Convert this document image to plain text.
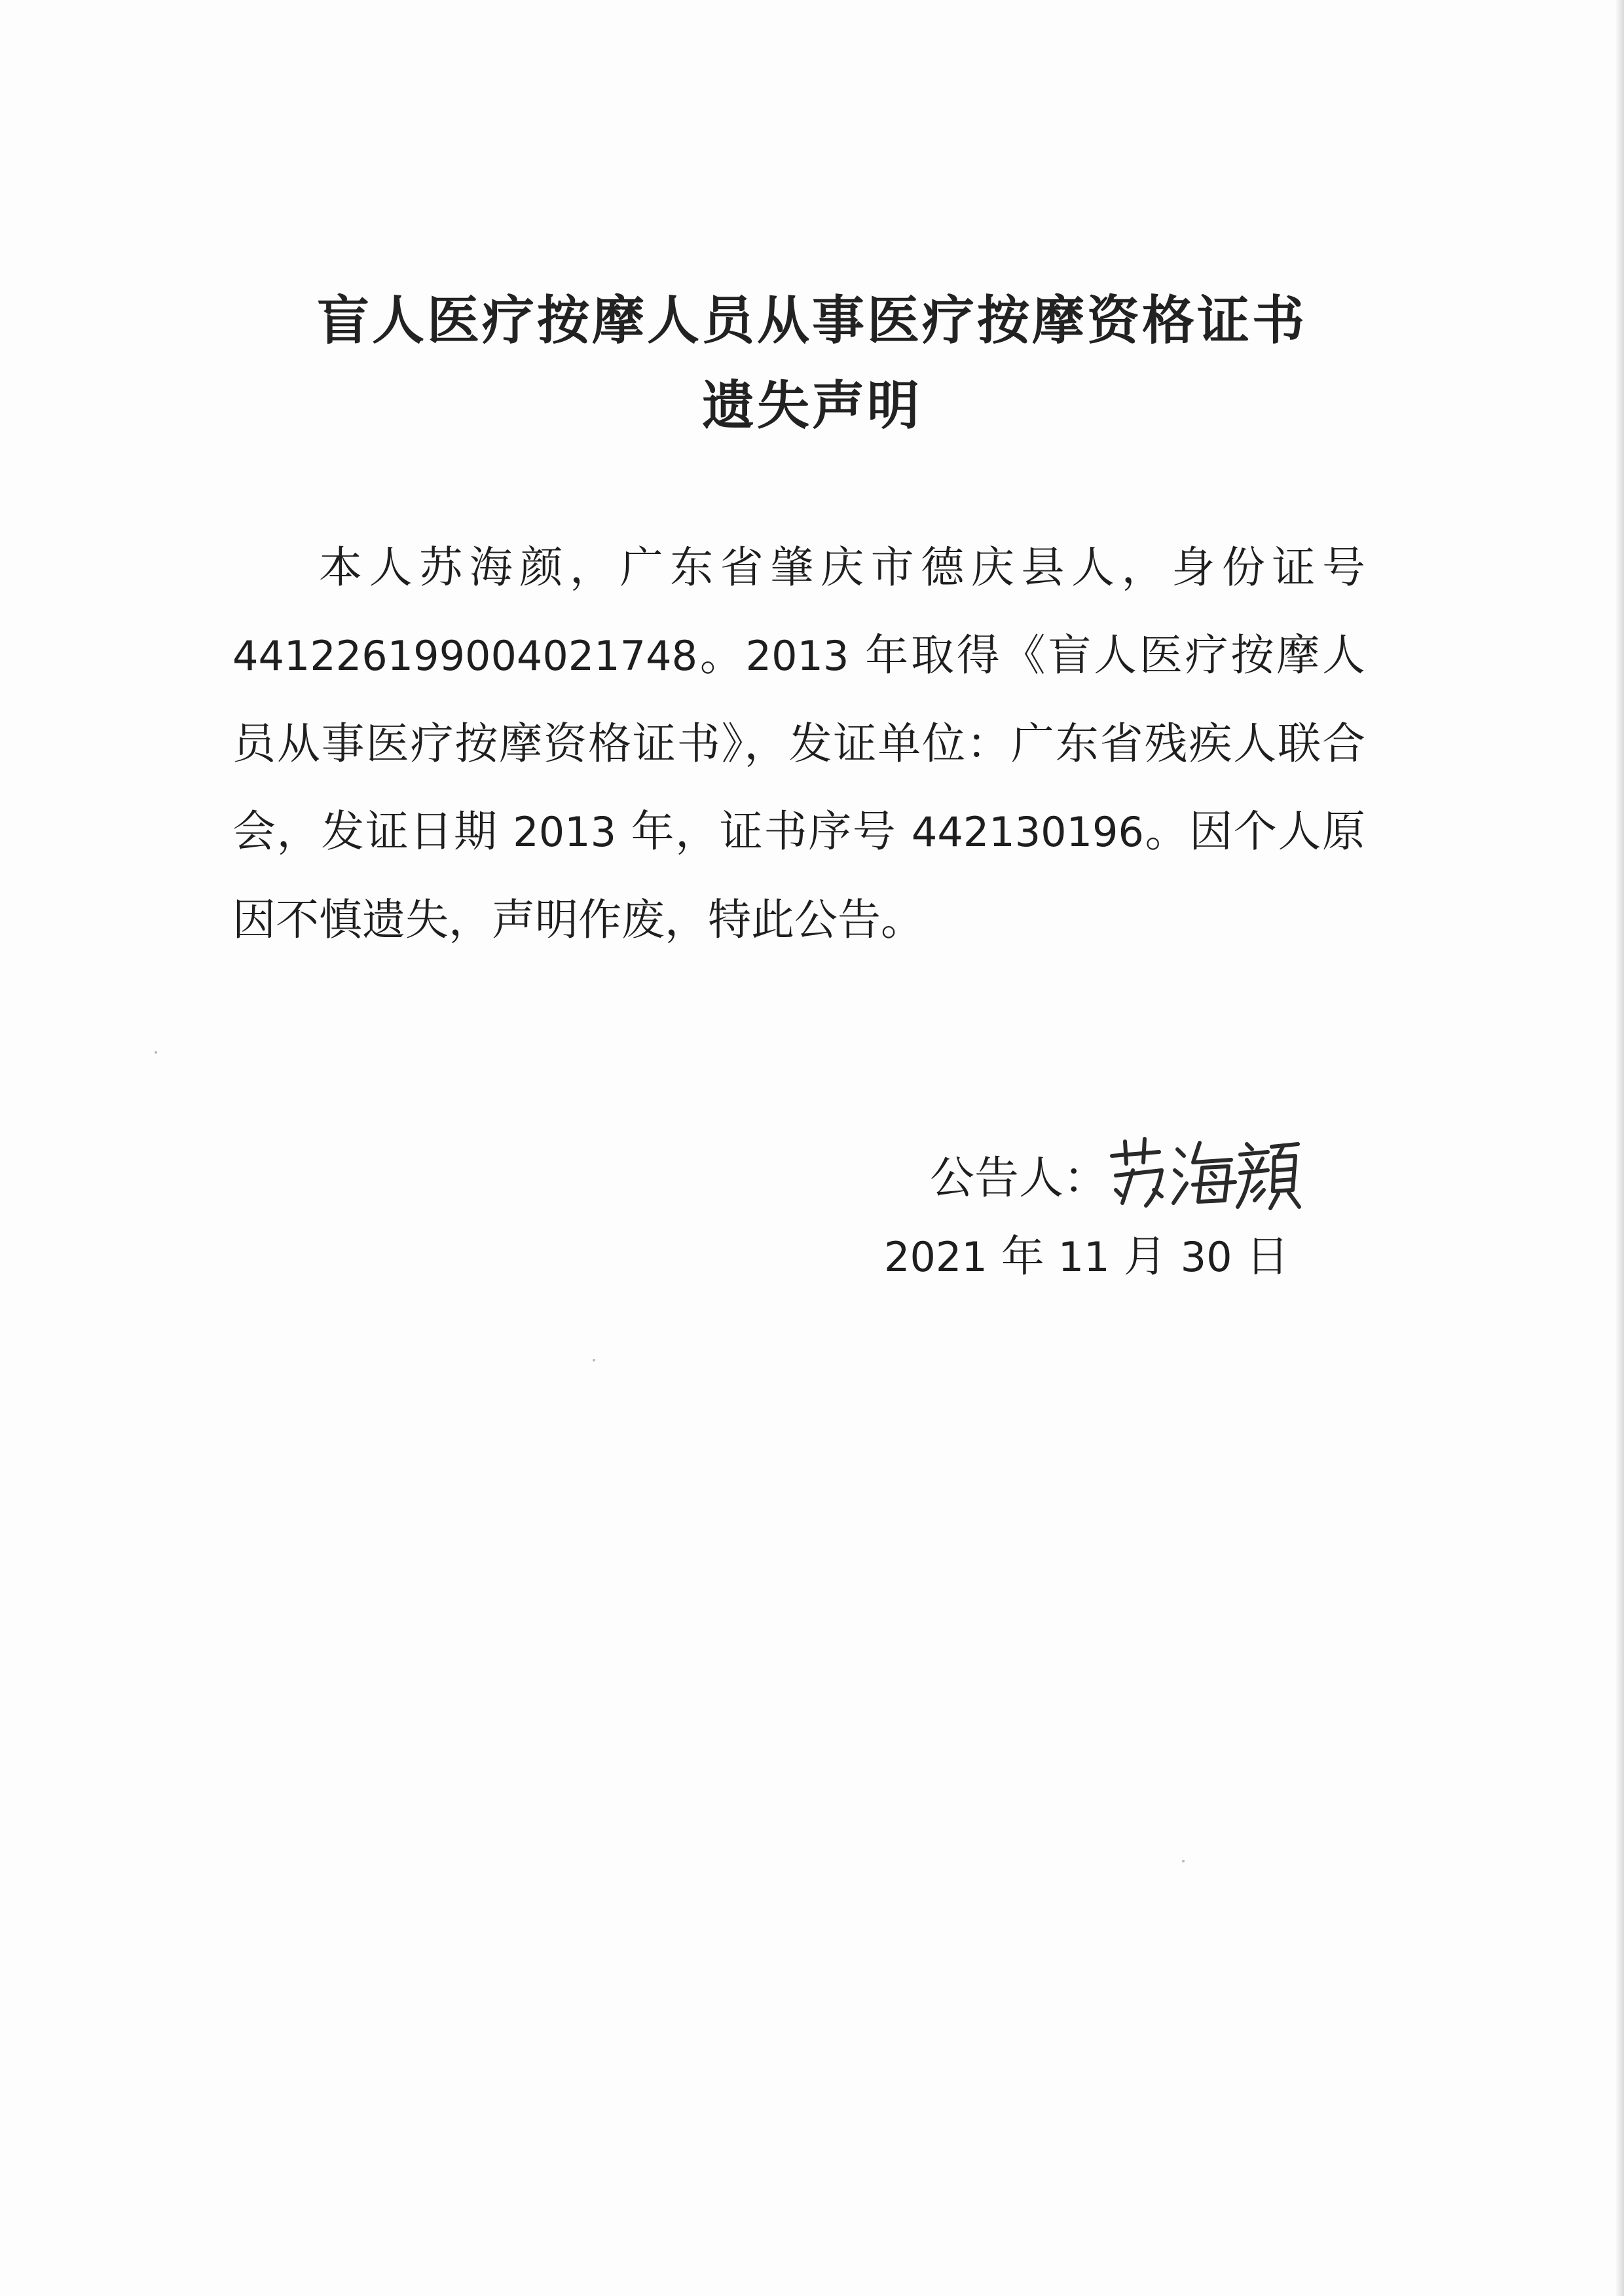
盲人医疗按摩人员从事医疗按摩资格证书
遗失声明

本人苏海颜，广东省肇庆市德庆县人，身份证号441226199004021748。2013 年取得《盲人医疗按摩人员从事医疗按摩资格证书》，发证单位：广东省残疾人联合会，发证日期 2013 年，证书序号 442130196。因个人原因不慎遗失，声明作废，特此公告。

公告人：
2021 年 11 月 30 日
